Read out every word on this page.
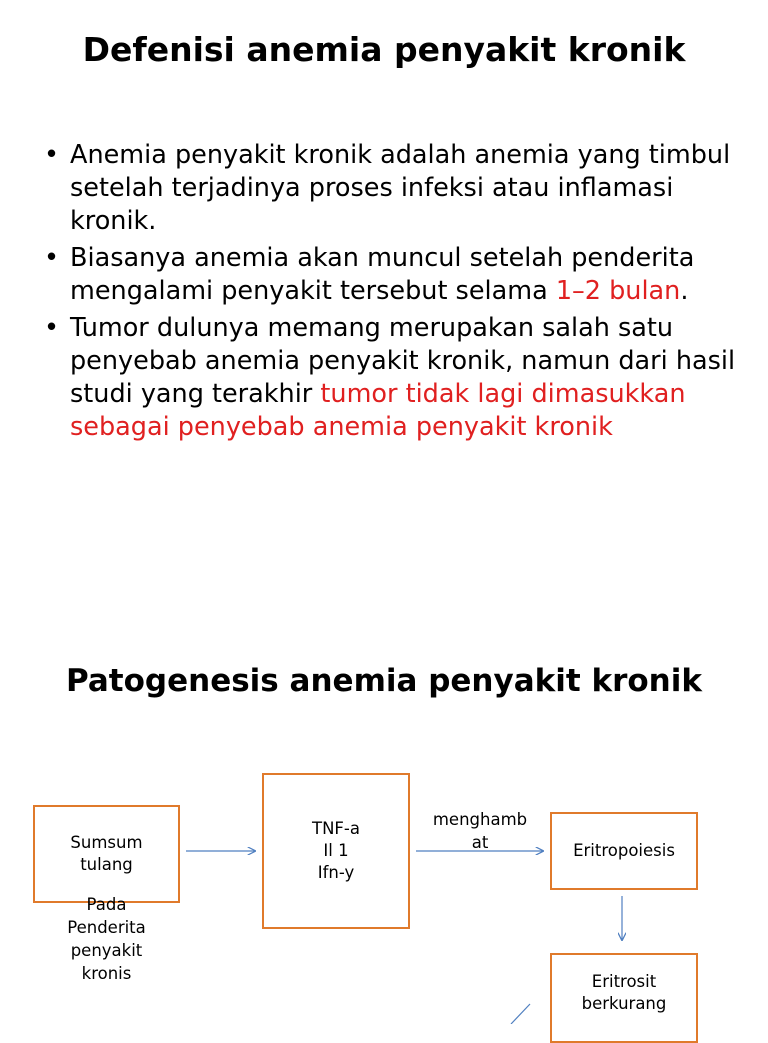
Defenisi anemia penyakit kronik
• Anemia penyakit kronik adalah anemia yang timbul setelah terjadinya proses infeksi atau inflamasi kronik.
• Biasanya anemia akan muncul setelah penderita mengalami penyakit tersebut selama 1–2 bulan.
• Tumor dulunya memang merupakan salah satu penyebab anemia penyakit kronik, namun dari hasil studi yang terakhir tumor tidak lagi dimasukkan sebagai penyebab anemia penyakit kronik
Patogenesis anemia penyakit kronik
Sumsum
tulang
TNF-a
Il 1
Ifn-y
Eritropoiesis
Eritrosit
berkurang
Pada
Penderita
penyakit
kronis
menghamb
at
